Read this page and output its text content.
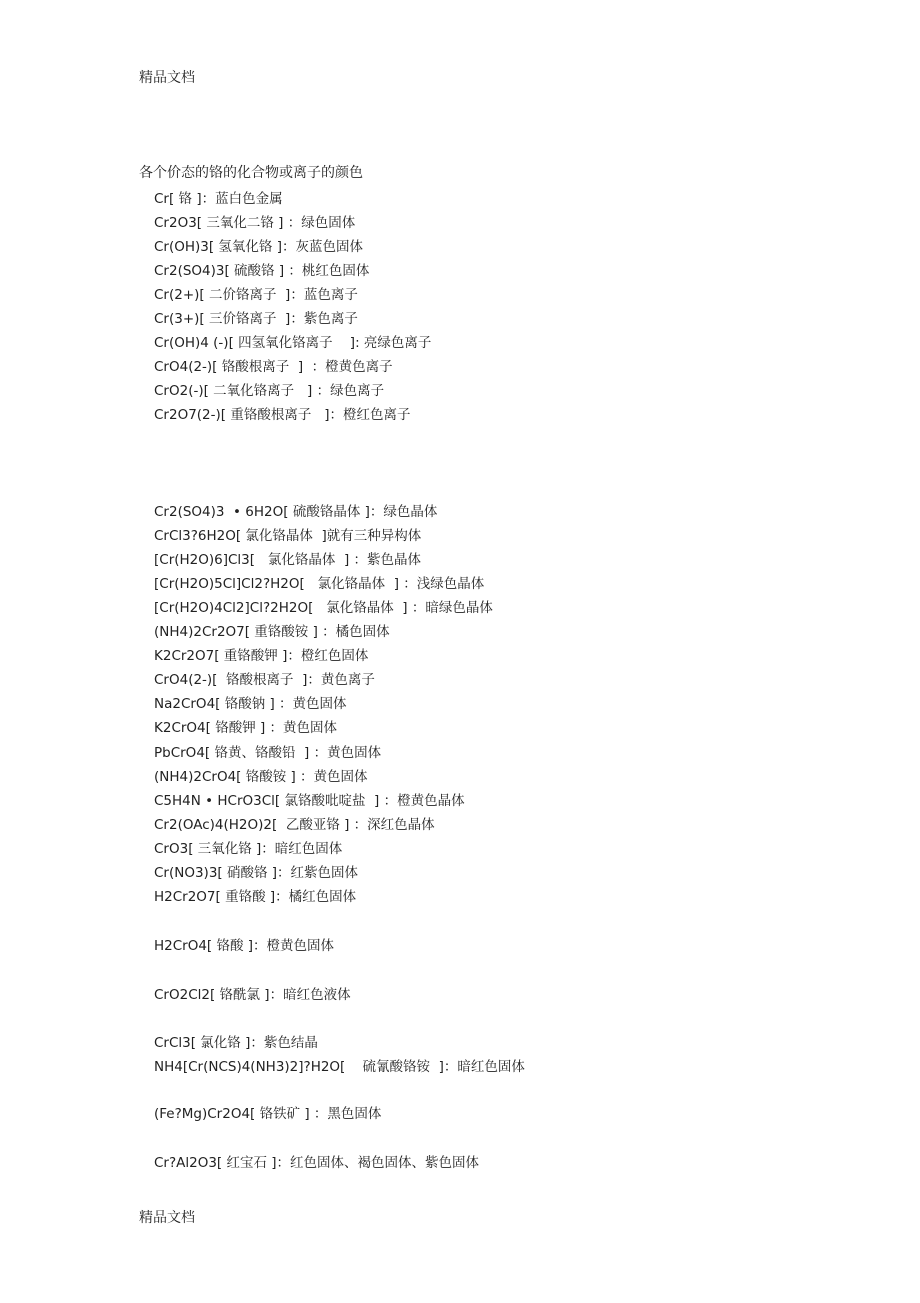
精品文档
各个价态的铬的化合物或离子的颜色
Cr[ 铬 ]：蓝白色金属
Cr2O3[ 三氧化二铬 ] ：绿色固体
Cr(OH)3[ 氢氧化铬 ]：灰蓝色固体
Cr2(SO4)3[ 硫酸铬 ] ：桃红色固体
Cr(2+)[ 二价铬离子  ]：蓝色离子
Cr(3+)[ 三价铬离子  ]：紫色离子
Cr(OH)4 (-)[ 四氢氧化铬离子    ]: 亮绿色离子
CrO4(2-)[ 铬酸根离子  ]  ：橙黄色离子
CrO2(-)[ 二氧化铬离子   ] ：绿色离子
Cr2O7(2-)[ 重铬酸根离子   ]：橙红色离子
Cr2(SO4)3  • 6H2O[ 硫酸铬晶体 ]：绿色晶体
CrCl3?6H2O[ 氯化铬晶体  ]就有三种异构体
[Cr(H2O)6]Cl3[   氯化铬晶体  ] ：紫色晶体
[Cr(H2O)5Cl]Cl2?H2O[   氯化铬晶体  ] ：浅绿色晶体
[Cr(H2O)4Cl2]Cl?2H2O[   氯化铬晶体  ] ：暗绿色晶体
(NH4)2Cr2O7[ 重铬酸铵 ] ：橘色固体
K2Cr2O7[ 重铬酸钾 ]：橙红色固体
CrO4(2-)[  铬酸根离子  ]：黄色离子
Na2CrO4[ 铬酸钠 ] ：黄色固体
K2CrO4[ 铬酸钾 ] ：黄色固体
PbCrO4[ 铬黄、铬酸铅  ] ：黄色固体
(NH4)2CrO4[ 铬酸铵 ] ：黄色固体
C5H4N • HCrO3Cl[ 氯铬酸吡啶盐  ] ：橙黄色晶体
Cr2(OAc)4(H2O)2[  乙酸亚铬 ] ：深红色晶体
CrO3[ 三氧化铬 ]：暗红色固体
Cr(NO3)3[ 硝酸铬 ]：红紫色固体
H2Cr2O7[ 重铬酸 ]：橘红色固体
H2CrO4[ 铬酸 ]：橙黄色固体
CrO2Cl2[ 铬酰氯 ]：暗红色液体
CrCl3[ 氯化铬 ]：紫色结晶
NH4[Cr(NCS)4(NH3)2]?H2O[    硫氰酸铬铵  ]：暗红色固体
(Fe?Mg)Cr2O4[ 铬铁矿 ] ：黑色固体
Cr?Al2O3[ 红宝石 ]：红色固体、褐色固体、紫色固体
精品文档
